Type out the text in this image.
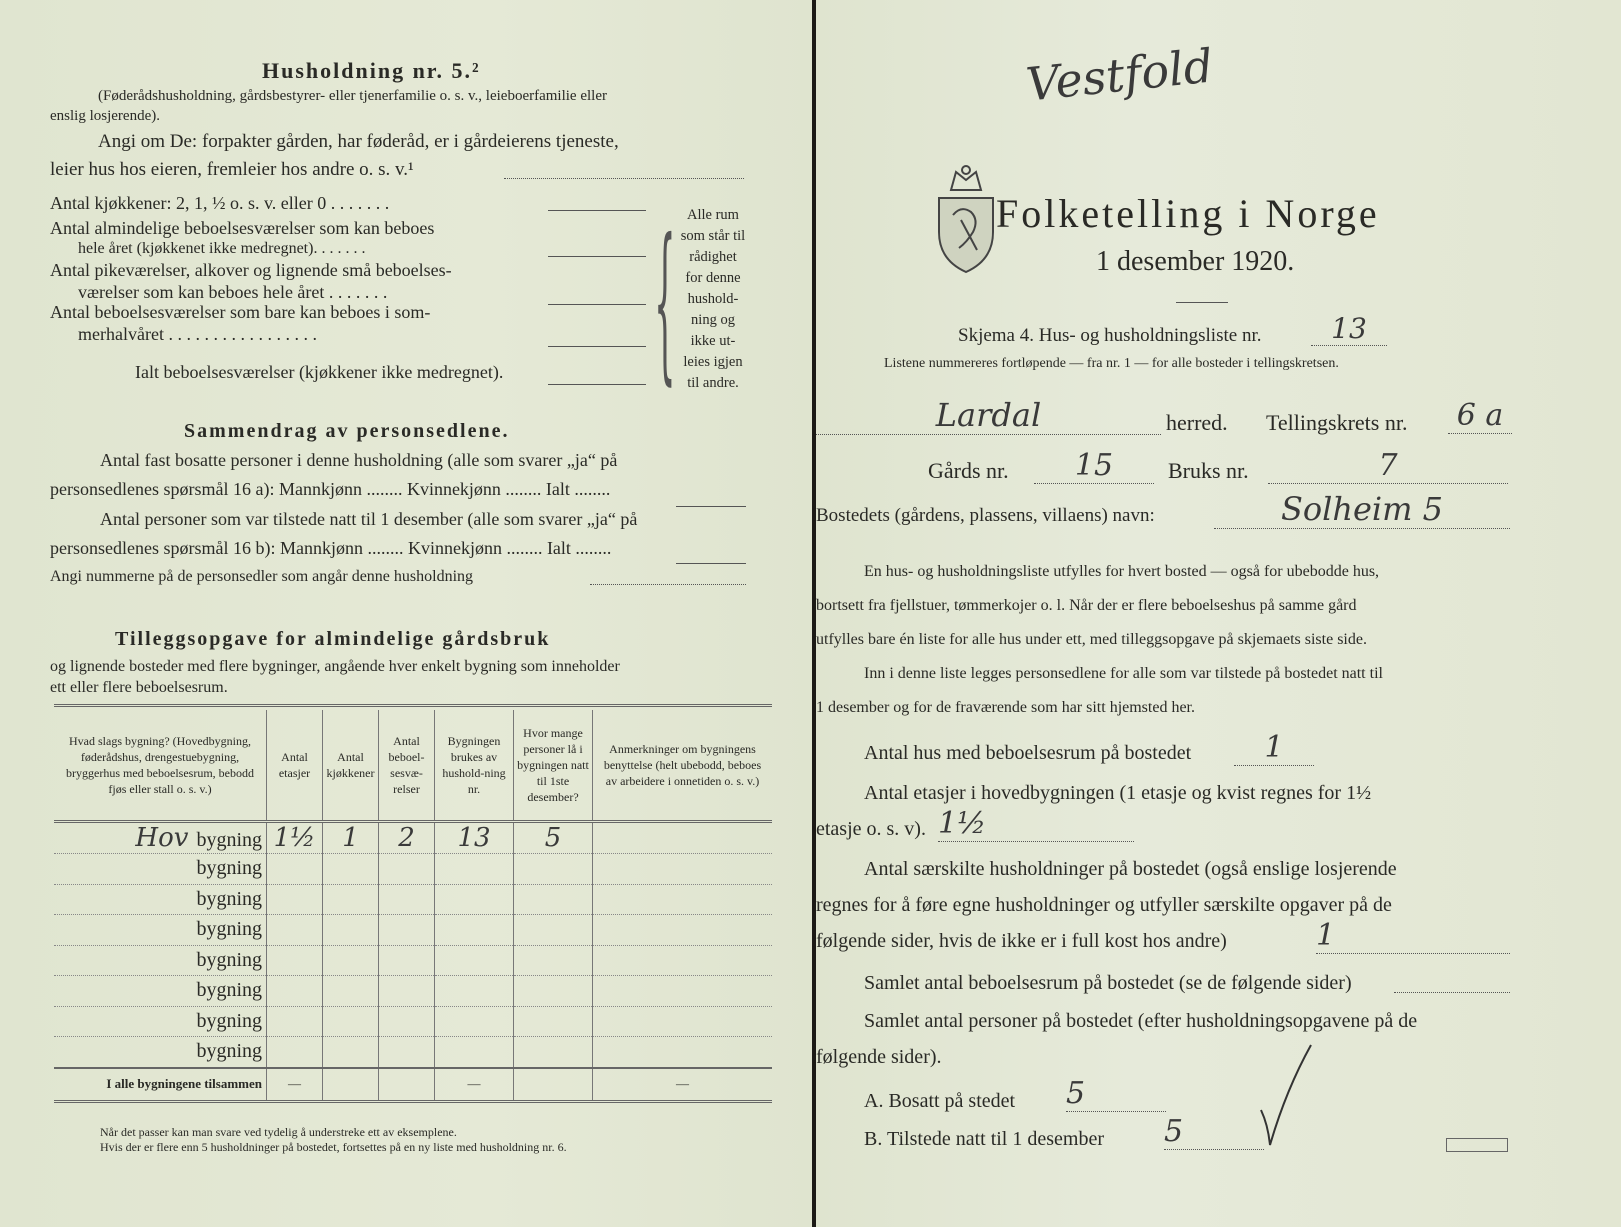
Husholdning nr. 5.²
(Føderådshusholdning, gårdsbestyrer- eller tjenerfamilie o. s. v., leieboerfamilie eller
enslig losjerende).
Angi om De: forpakter gården, har føderåd, er i gårdeierens tjeneste,
leier hus hos eieren, fremleier hos andre o. s. v.¹
Antal kjøkkener: 2, 1, ½ o. s. v. eller 0 . . . . . . .
Antal almindelige beboelsesværelser som kan beboes
hele året (kjøkkenet ikke medregnet). . . . . . .
Antal pikeværelser, alkover og lignende små beboelses-
værelser som kan beboes hele året . . . . . . .
Antal beboelsesværelser som bare kan beboes i som-
merhalvåret . . . . . . . . . . . . . . . . .
Ialt beboelsesværelser (kjøkkener ikke medregnet).	{ Alle rum
som står til
rådighet
for denne
hushold-
ning og
ikke ut-
leies igjen
til andre.
Sammendrag av personsedlene.
Antal fast bosatte personer i denne husholdning (alle som svarer „ja“ på
personsedlenes spørsmål 16 a): Mannkjønn ........ Kvinnekjønn ........ Ialt ........
Antal personer som var tilstede natt til 1 desember (alle som svarer „ja“ på
personsedlenes spørsmål 16 b): Mannkjønn ........ Kvinnekjønn ........ Ialt ........
Angi nummerne på de personsedler som angår denne husholdning
Tilleggsopgave for almindelige gårdsbruk
og lignende bosteder med flere bygninger, angående hver enkelt bygning som inneholder
ett eller flere beboelsesrum.
Hvad slags bygning? (Hovedbygning, føderådshus, drengestuebygning, bryggerhus med beboelsesrum, bebodd fjøs eller stall o. s. v.)	Antal etasjer	Antal kjøkkener	Antal beboel-sesvæ-relser	Bygningen brukes av hushold-ning nr.	Hvor mange personer lå i bygningen natt til 1ste desember?	Anmerkninger om bygningens benyttelse (helt ubebodd, beboes av arbeidere i onnetiden o. s. v.)
Hov bygning	1½	1	2	13	5	
bygning						
bygning						
bygning						
bygning						
bygning						
bygning						
bygning						
I alle bygningene tilsammen	—			—		—
Når det passer kan man svare ved tydelig å understreke ett av eksemplene.
Hvis der er flere enn 5 husholdninger på bostedet, fortsettes på en ny liste med husholdning nr. 6.
Vestfold
Folketelling i Norge
1 desember 1920.
Skjema 4. Hus- og husholdningsliste nr.	13
Listene nummereres fortløpende — fra nr. 1 — for alle bosteder i tellingskretsen.
Lardal	herred. Tellingskrets nr. 6 a
Gårds nr.	15	Bruks nr.	7
Bostedets (gårdens, plassens, villaens) navn:	Solheim 5
En hus- og husholdningsliste utfylles for hvert bosted — også for ubebodde hus,
bortsett fra fjellstuer, tømmerkojer o. l. Når der er flere beboelseshus på samme gård
utfylles bare én liste for alle hus under ett, med tilleggsopgave på skjemaets siste side.
Inn i denne liste legges personsedlene for alle som var tilstede på bostedet natt til
1 desember og for de fraværende som har sitt hjemsted her.
Antal hus med beboelsesrum på bostedet	1
Antal etasjer i hovedbygningen (1 etasje og kvist regnes for 1½
etasje o. s. v). 1½
Antal særskilte husholdninger på bostedet (også enslige losjerende
regnes for å føre egne husholdninger og utfyller særskilte opgaver på de
følgende sider, hvis de ikke er i full kost hos andre)	1
Samlet antal beboelsesrum på bostedet (se de følgende sider)
Samlet antal personer på bostedet (efter husholdningsopgavene på de
følgende sider).
A. Bosatt på stedet 5
B. Tilstede natt til 1 desember 5
